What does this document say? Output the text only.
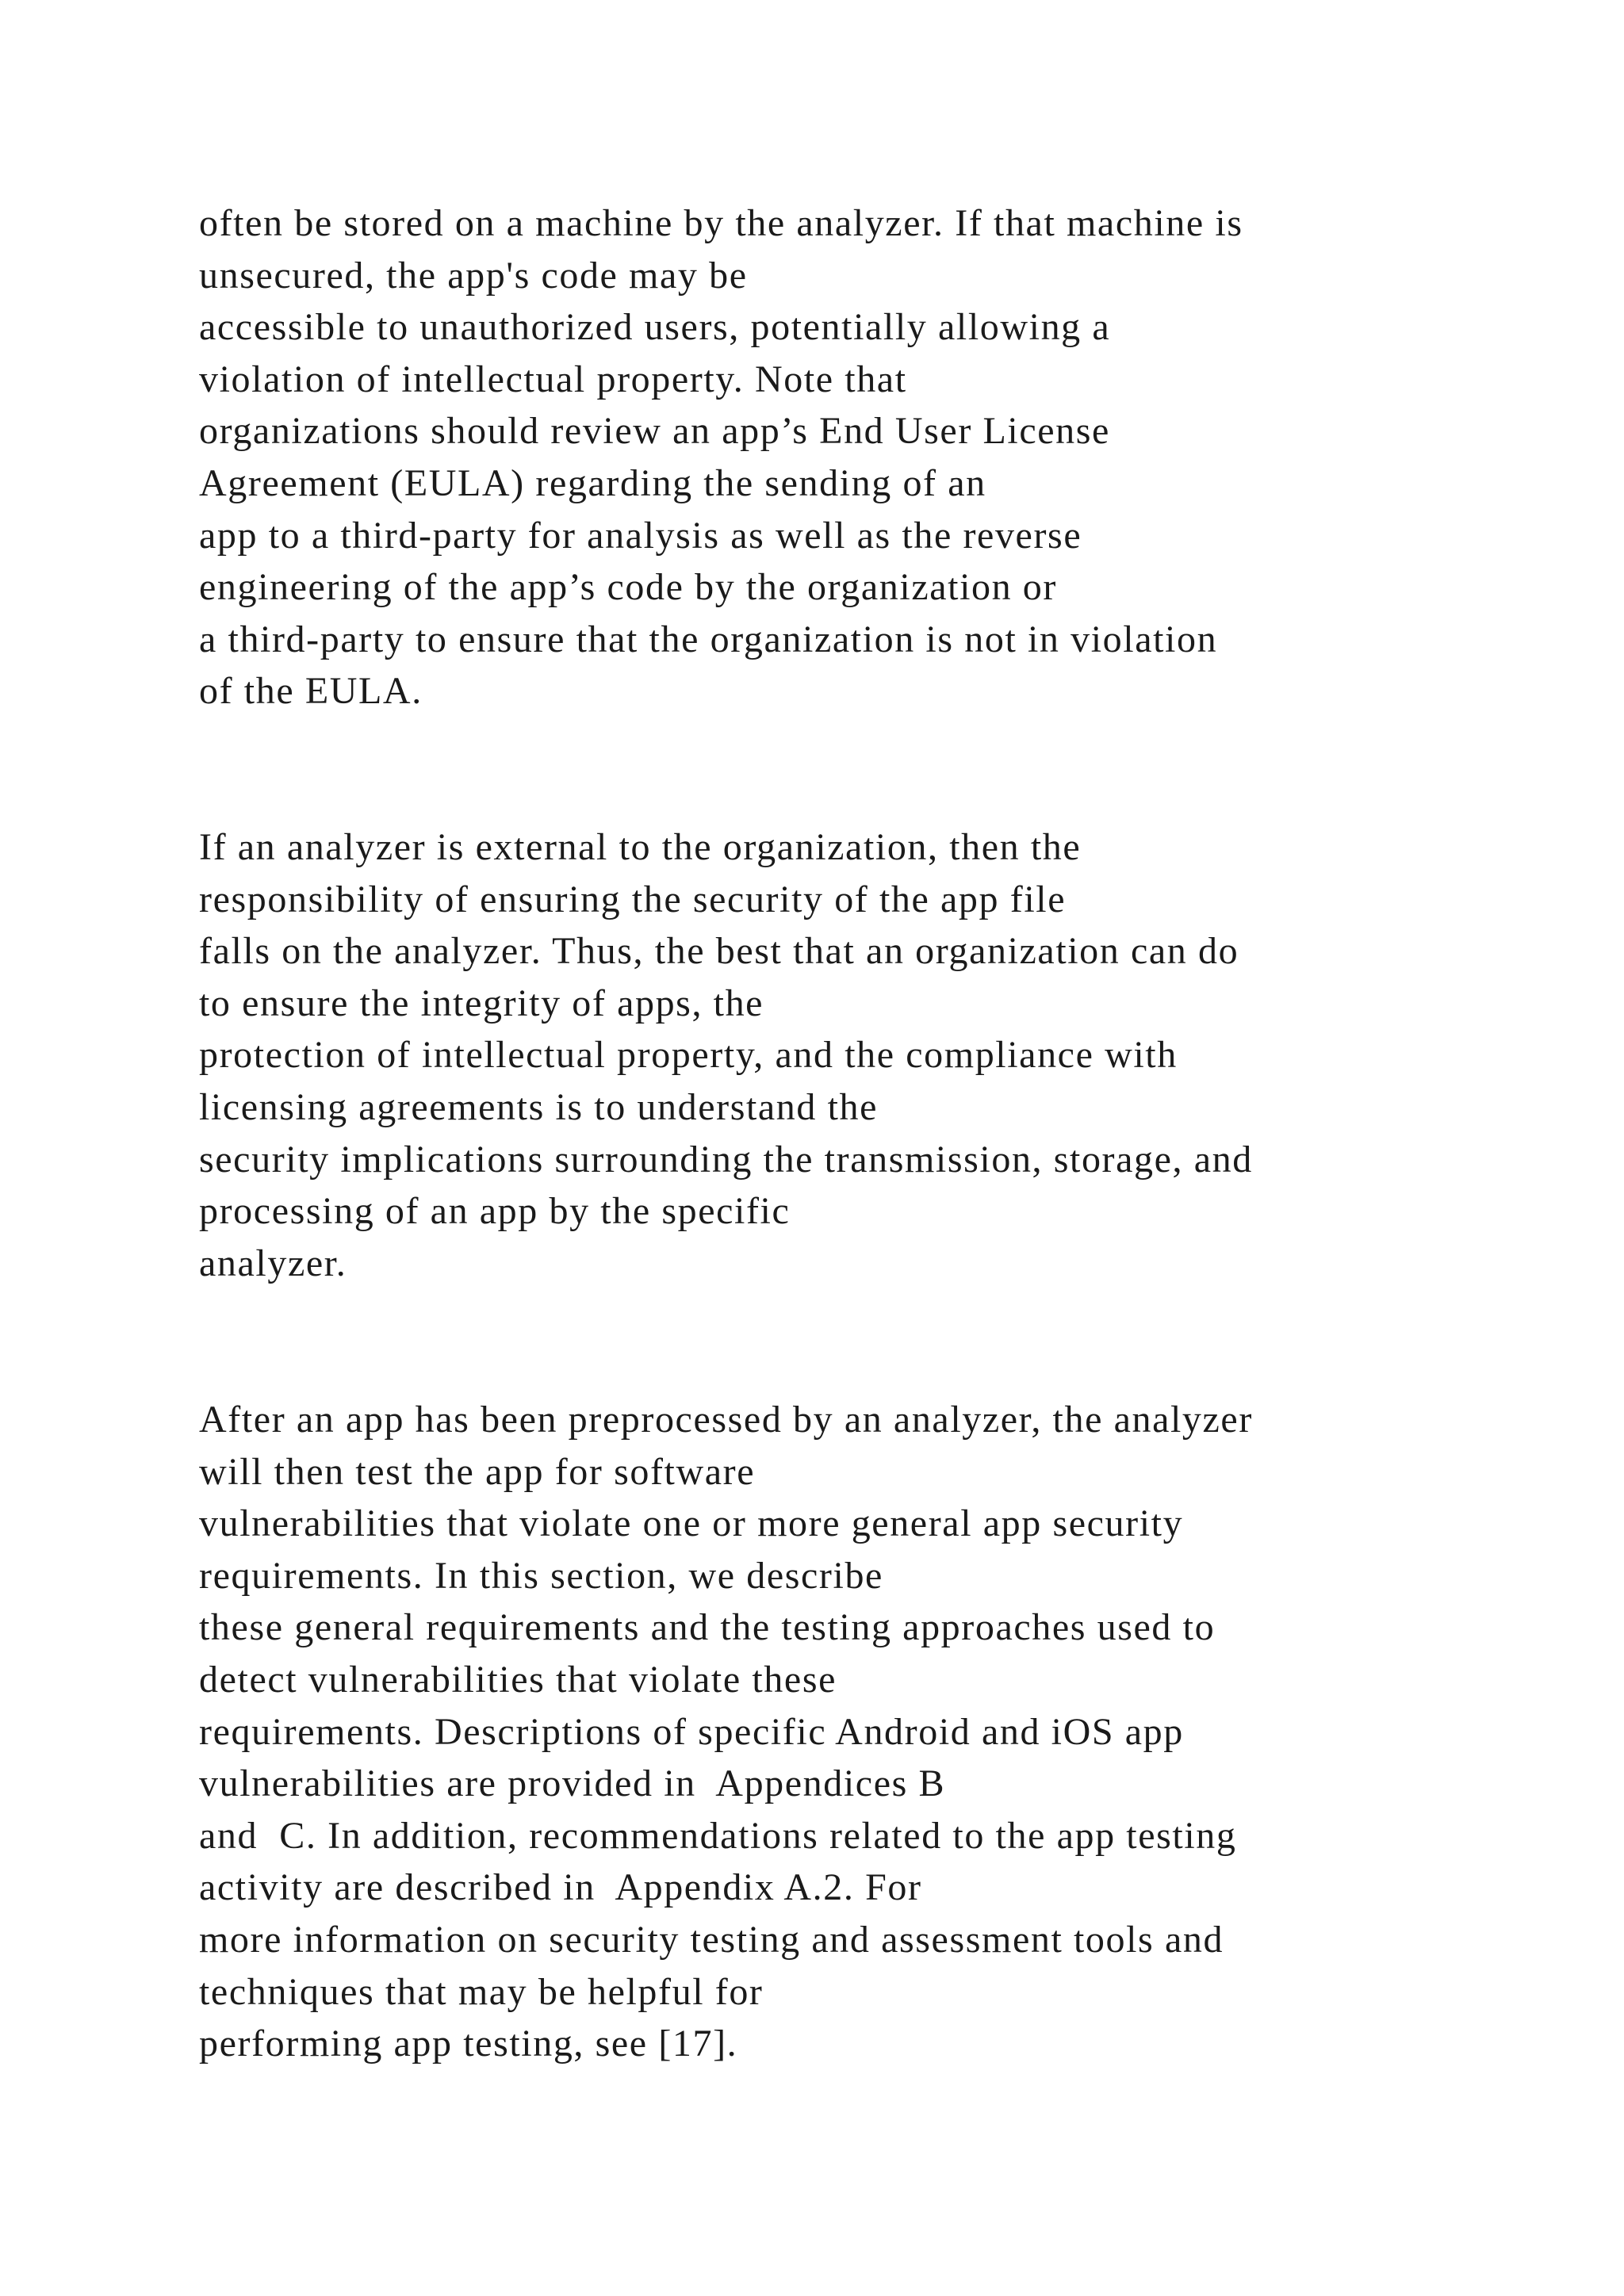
often be stored on a machine by the analyzer. If that machine is
unsecured, the app's code may be
accessible to unauthorized users, potentially allowing a
violation of intellectual property. Note that
organizations should review an app’s End User License
Agreement (EULA) regarding the sending of an
app to a third-party for analysis as well as the reverse
engineering of the app’s code by the organization or
a third-party to ensure that the organization is not in violation
of the EULA.
If an analyzer is external to the organization, then the
responsibility of ensuring the security of the app file
falls on the analyzer. Thus, the best that an organization can do
to ensure the integrity of apps, the
protection of intellectual property, and the compliance with
licensing agreements is to understand the
security implications surrounding the transmission, storage, and
processing of an app by the specific
analyzer.
After an app has been preprocessed by an analyzer, the analyzer
will then test the app for software
vulnerabilities that violate one or more general app security
requirements. In this section, we describe
these general requirements and the testing approaches used to
detect vulnerabilities that violate these
requirements. Descriptions of specific Android and iOS app
vulnerabilities are provided in  Appendices B
and  C. In addition, recommendations related to the app testing
activity are described in  Appendix A.2. For
more information on security testing and assessment tools and
techniques that may be helpful for
performing app testing, see [17].
